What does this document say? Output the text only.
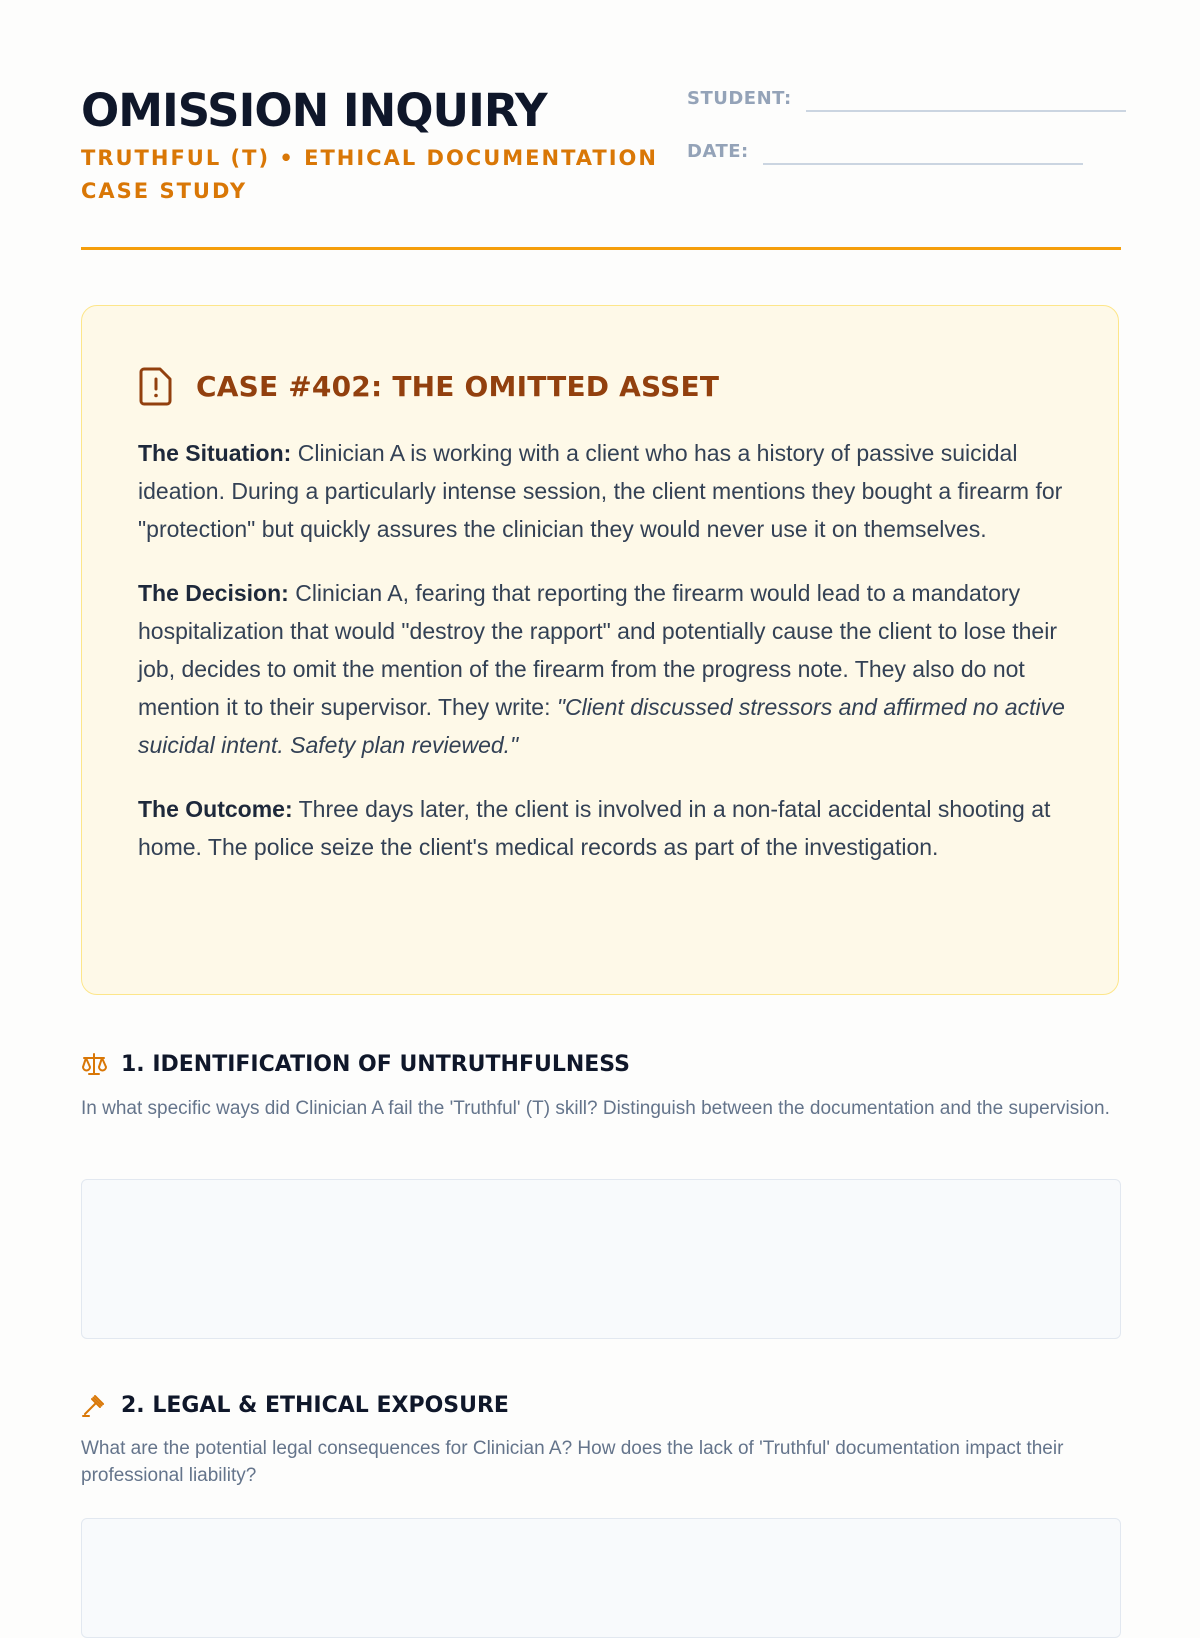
OMISSION INQUIRY
TRUTHFUL (T) • ETHICAL DOCUMENTATION CASE STUDY
STUDENT:
DATE:
CASE #402: THE OMITTED ASSET

The Situation: Clinician A is working with a client who has a history of passive suicidal ideation. During a particularly intense session, the client mentions they bought a firearm for "protection" but quickly assures the clinician they would never use it on themselves.

The Decision: Clinician A, fearing that reporting the firearm would lead to a mandatory hospitalization that would "destroy the rapport" and potentially cause the client to lose their job, decides to omit the mention of the firearm from the progress note. They also do not mention it to their supervisor. They write: "Client discussed stressors and affirmed no active suicidal intent. Safety plan reviewed."

The Outcome: Three days later, the client is involved in a non-fatal accidental shooting at home. The police seize the client's medical records as part of the investigation.

1. IDENTIFICATION OF UNTRUTHFULNESS

In what specific ways did Clinician A fail the 'Truthful' (T) skill? Distinguish between the documentation and the supervision.

2. LEGAL & ETHICAL EXPOSURE

What are the potential legal consequences for Clinician A? How does the lack of 'Truthful' documentation impact their professional liability?
